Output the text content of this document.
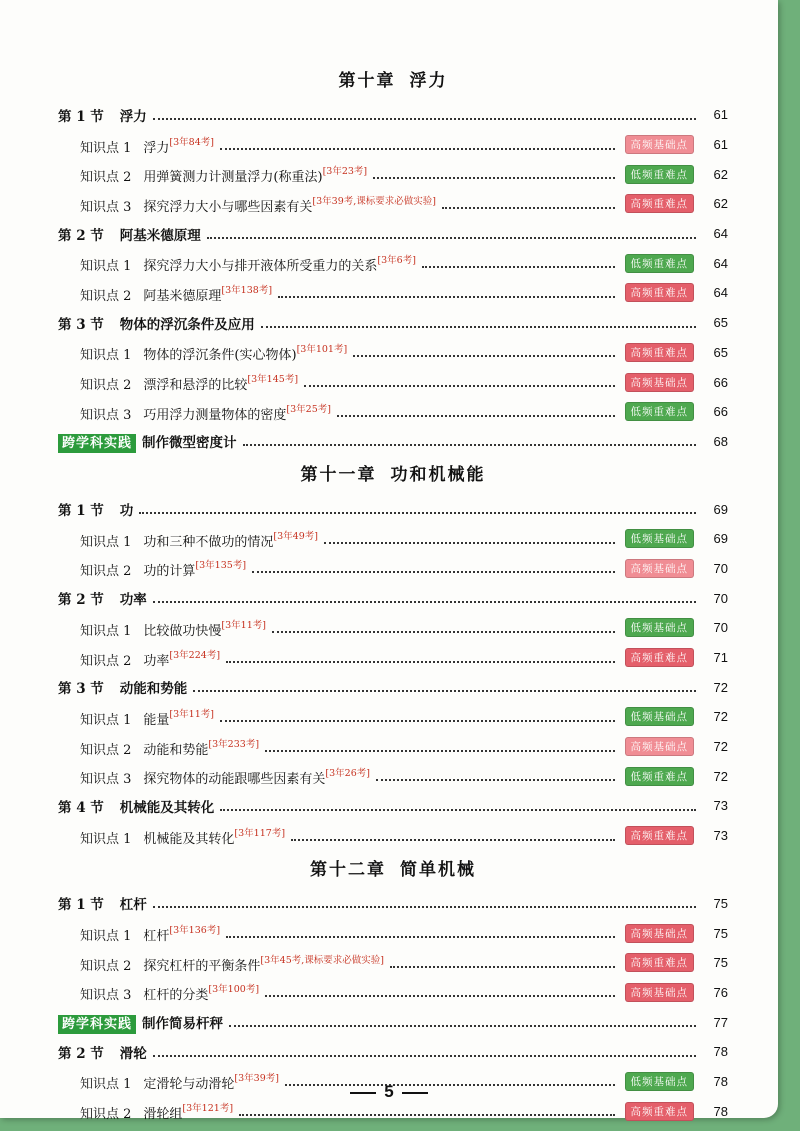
第十章 浮力
第 1 节 浮力	61
知识点 1 浮力[3年84考]	高频基础点	61
知识点 2 用弹簧测力计测量浮力(称重法)[3年23考]	低频重难点	62
知识点 3 探究浮力大小与哪些因素有关[3年39考,课标要求必做实验]	高频重难点	62
第 2 节 阿基米德原理	64
知识点 1 探究浮力大小与排开液体所受重力的关系[3年6考]	低频重难点	64
知识点 2 阿基米德原理[3年138考]	高频重难点	64
第 3 节 物体的浮沉条件及应用	65
知识点 1 物体的浮沉条件(实心物体)[3年101考]	高频重难点	65
知识点 2 漂浮和悬浮的比较[3年145考]	高频基础点	66
知识点 3 巧用浮力测量物体的密度[3年25考]	低频重难点	66
跨学科实践 制作微型密度计	68
第十一章 功和机械能
第 1 节 功	69
知识点 1 功和三种不做功的情况[3年49考]	低频基础点	69
知识点 2 功的计算[3年135考]	高频基础点	70
第 2 节 功率	70
知识点 1 比较做功快慢[3年11考]	低频基础点	70
知识点 2 功率[3年224考]	高频重难点	71
第 3 节 动能和势能	72
知识点 1 能量[3年11考]	低频基础点	72
知识点 2 动能和势能[3年233考]	高频基础点	72
知识点 3 探究物体的动能跟哪些因素有关[3年26考]	低频重难点	72
第 4 节 机械能及其转化	73
知识点 1 机械能及其转化[3年117考]	高频重难点	73
第十二章 简单机械
第 1 节 杠杆	75
知识点 1 杠杆[3年136考]	高频基础点	75
知识点 2 探究杠杆的平衡条件[3年45考,课标要求必做实验]	高频重难点	75
知识点 3 杠杆的分类[3年100考]	高频基础点	76
跨学科实践 制作简易杆秤	77
第 2 节 滑轮	78
知识点 1 定滑轮与动滑轮[3年39考]	低频基础点	78
知识点 2 滑轮组[3年121考]	高频重难点	78
5
